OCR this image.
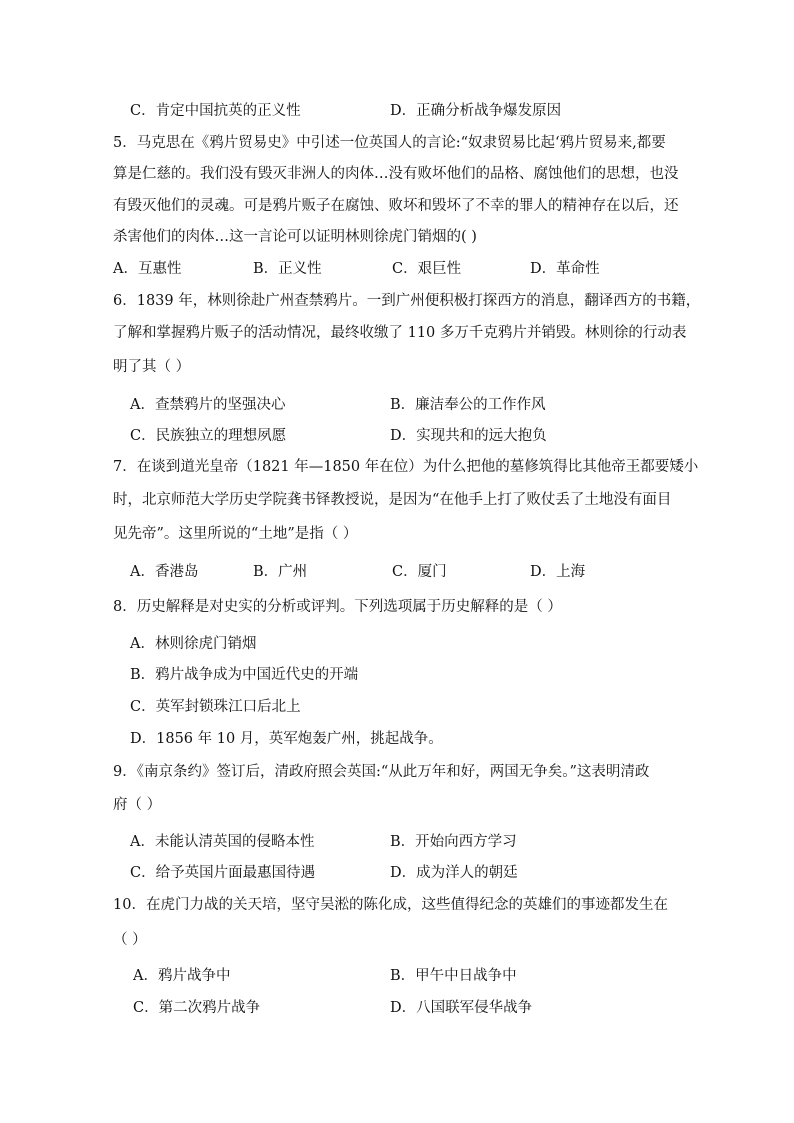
C．肯定中国抗英的正义性	D．正确分析战争爆发原因
5．马克思在《鸦片贸易史》中引述一位英国人的言论:“奴隶贸易比起‘鸦片贸易来,都要
算是仁慈的。我们没有毁灭非洲人的肉体…没有败坏他们的品格、腐蚀他们的思想，也没
有毁灭他们的灵魂。可是鸦片贩子在腐蚀、败坏和毁坏了不幸的罪人的精神存在以后，还
杀害他们的肉体…这一言论可以证明林则徐虎门销烟的( )
A．互惠性	B．正义性	C．艰巨性	D．革命性
6．1839 年，林则徐赴广州查禁鸦片。一到广州便积极打探西方的消息，翻译西方的书籍，
了解和掌握鸦片贩子的活动情况，最终收缴了 110 多万千克鸦片并销毁。林则徐的行动表
明了其（ ）
A．查禁鸦片的坚强决心	B．廉洁奉公的工作作风
C．民族独立的理想夙愿	D．实现共和的远大抱负
7．在谈到道光皇帝（1821 年—1850 年在位）为什么把他的墓修筑得比其他帝王都要矮小
时，北京师范大学历史学院龚书铎教授说，是因为“在他手上打了败仗丢了土地没有面目
见先帝”。这里所说的“土地”是指（ ）
A．香港岛	B．广州	C．厦门	D．上海
8．历史解释是对史实的分析或评判。下列选项属于历史解释的是（ ）
A．林则徐虎门销烟
B．鸦片战争成为中国近代史的开端
C．英军封锁珠江口后北上
D．1856 年 10 月，英军炮轰广州，挑起战争。
9．《南京条约》签订后，清政府照会英国:“从此万年和好，两国无争矣。”这表明清政
府（ ）
A．未能认清英国的侵略本性	B．开始向西方学习
C．给予英国片面最惠国待遇	D．成为洋人的朝廷
10．在虎门力战的关天培，坚守吴淞的陈化成，这些值得纪念的英雄们的事迹都发生在
（ ）
A．鸦片战争中	B．甲午中日战争中
C．第二次鸦片战争	D．八国联军侵华战争
